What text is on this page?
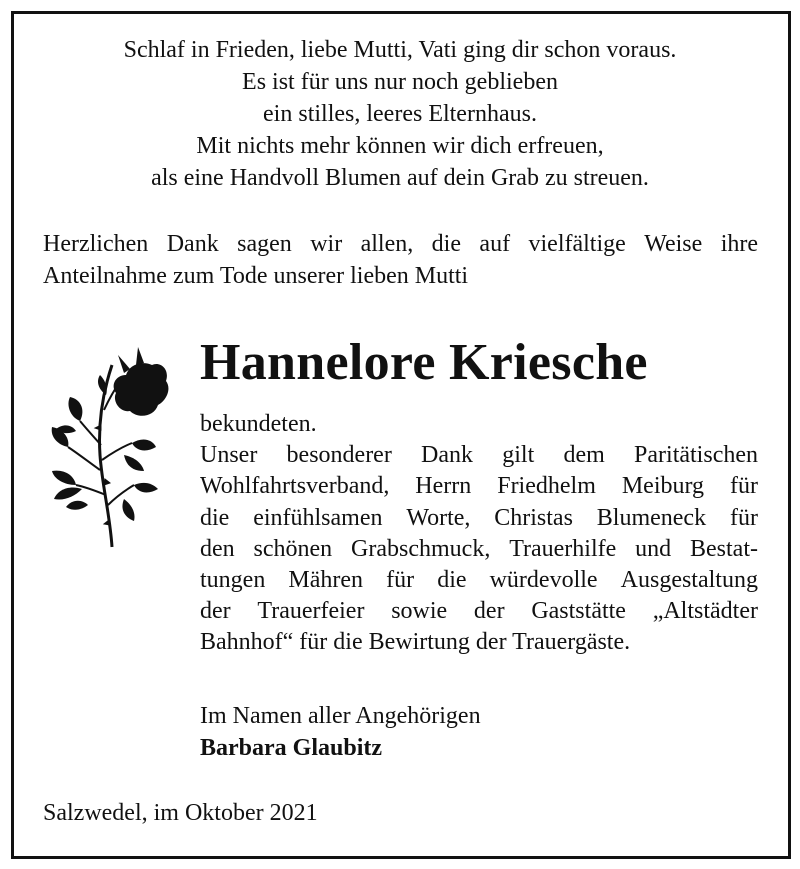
Schlaf in Frieden, liebe Mutti, Vati ging dir schon voraus.
Es ist für uns nur noch geblieben
ein stilles, leeres Elternhaus.
Mit nichts mehr können wir dich erfreuen,
als eine Handvoll Blumen auf dein Grab zu streuen.
Herzlichen Dank sagen wir allen, die auf vielfältige Weise ihre
Anteilnahme zum Tode unserer lieben Mutti
Hannelore Kriesche
bekundeten.
Unser besonderer Dank gilt dem Paritätischen
Wohlfahrtsverband, Herrn Friedhelm Meiburg für
die einfühlsamen Worte, Christas Blumeneck für
den schönen Grabschmuck, Trauerhilfe und Bestat-
tungen Mähren für die würdevolle Ausgestaltung
der Trauerfeier sowie der Gaststätte „Altstädter
Bahnhof“ für die Bewirtung der Trauergäste.
Im Namen aller Angehörigen
Barbara Glaubitz
Salzwedel, im Oktober 2021
